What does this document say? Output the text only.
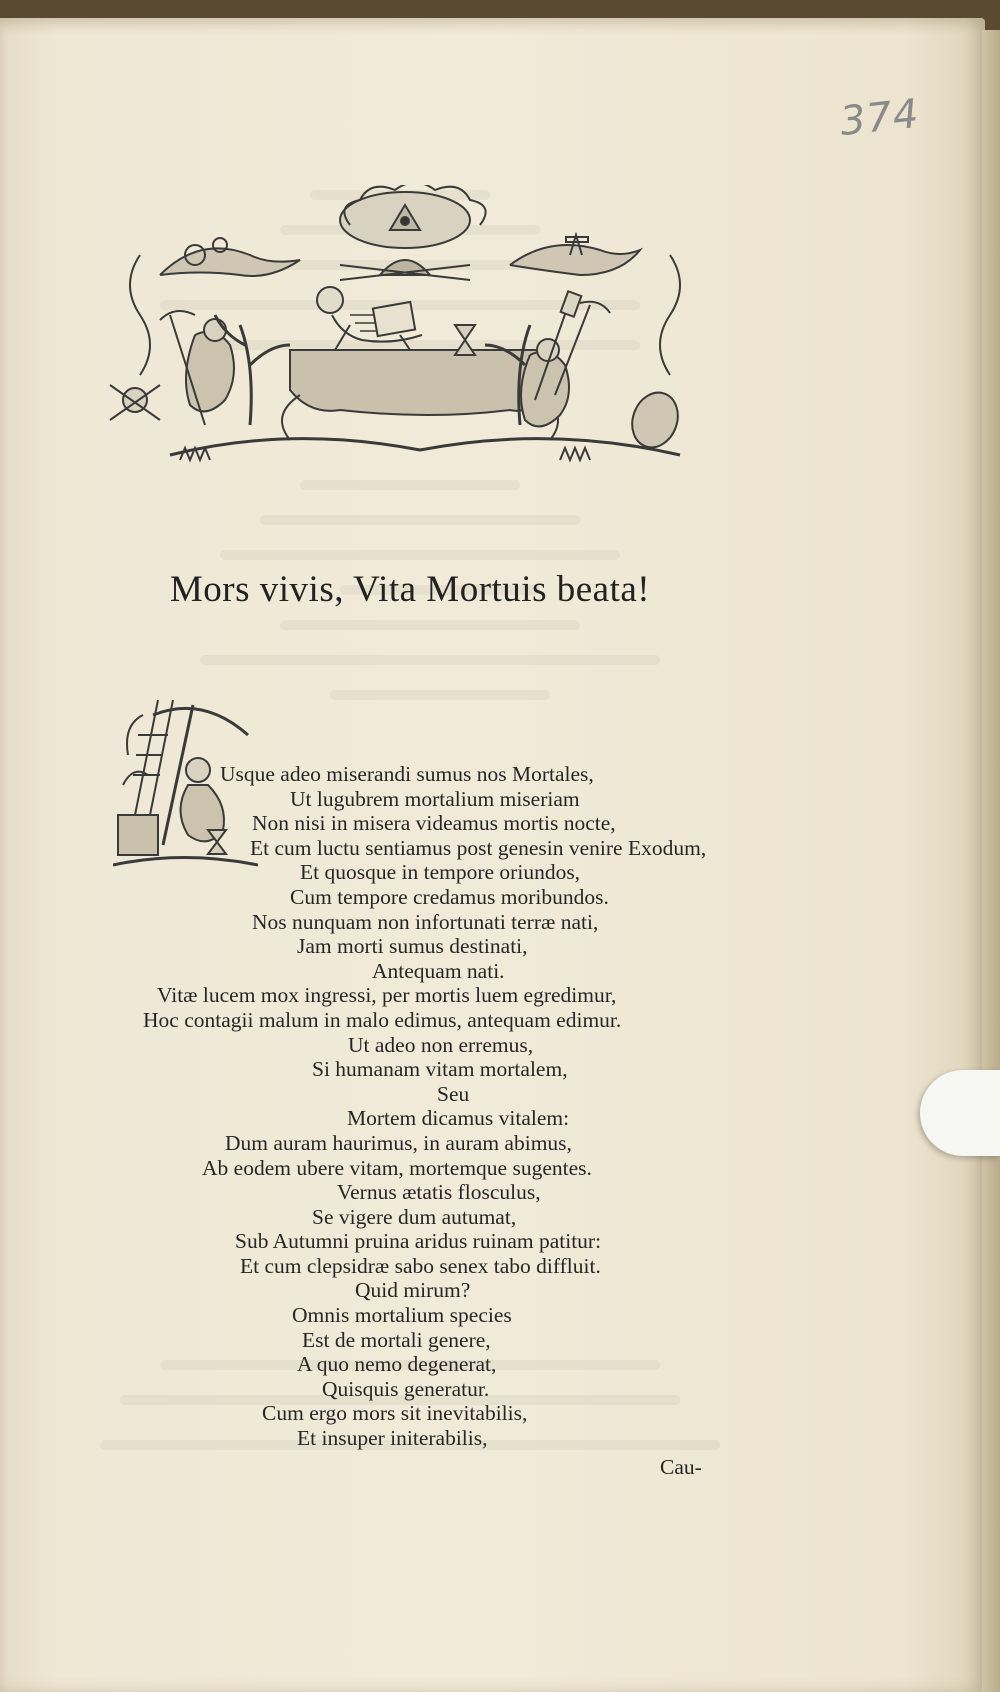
374
Mors vivis, Vita Mortuis beata!
Usque adeo miserandi sumus nos Mortales,
Ut lugubrem mortalium miseriam
Non nisi in misera videamus mortis nocte,
Et cum luctu sentiamus post genesin venire Exodum,
Et quosque in tempore oriundos,
Cum tempore credamus moribundos.
Nos nunquam non infortunati terræ nati,
Jam morti sumus destinati,
Antequam nati.
Vitæ lucem mox ingressi, per mortis luem egredimur,
Hoc contagii malum in malo edimus, antequam edimur.
Ut adeo non erremus,
Si humanam vitam mortalem,
Seu
Mortem dicamus vitalem:
Dum auram haurimus, in auram abimus,
Ab eodem ubere vitam, mortemque sugentes.
Vernus ætatis flosculus,
Se vigere dum autumat,
Sub Autumni pruina aridus ruinam patitur:
Et cum clepsidræ sabo senex tabo diffluit.
Quid mirum?
Omnis mortalium species
Est de mortali genere,
A quo nemo degenerat,
Quisquis generatur.
Cum ergo mors sit inevitabilis,
Et insuper initerabilis,
Cau-
